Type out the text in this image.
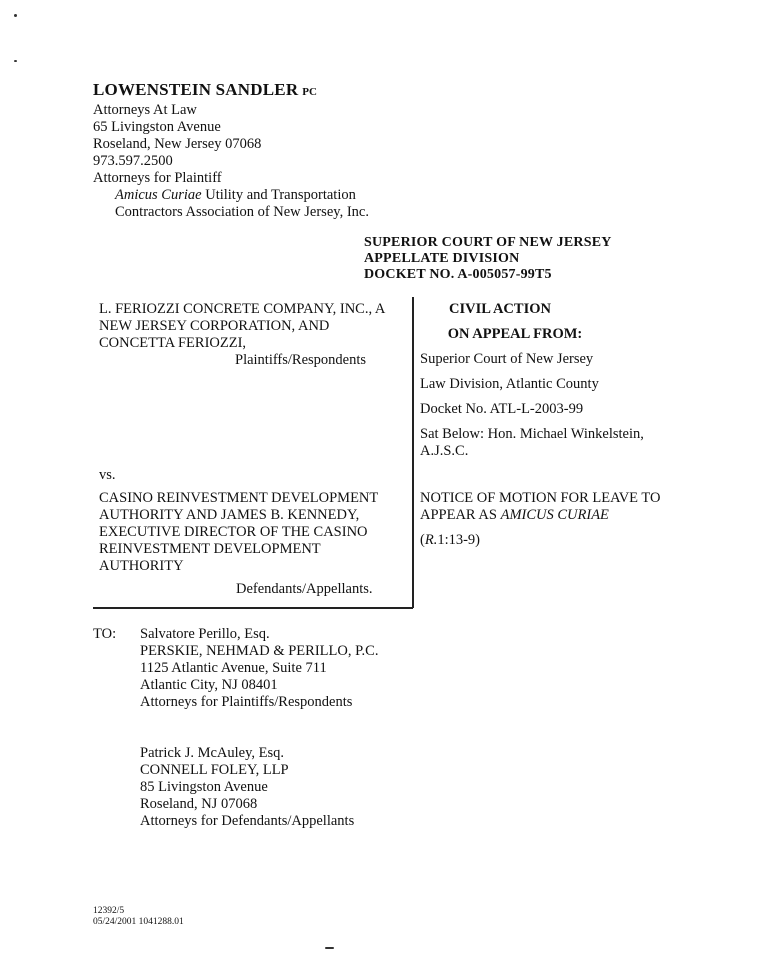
LOWENSTEIN SANDLER PC
Attorneys At Law
65 Livingston Avenue
Roseland, New Jersey 07068
973.597.2500
Attorneys for Plaintiff
Amicus Curiae Utility and Transportation
Contractors Association of New Jersey, Inc.
SUPERIOR COURT OF NEW JERSEY
APPELLATE DIVISION
DOCKET NO. A-005057-99T5
L. FERIOZZI CONCRETE COMPANY, INC., A
NEW JERSEY CORPORATION, AND
CONCETTA FERIOZZI,
Plaintiffs/Respondents
vs.
CASINO REINVESTMENT DEVELOPMENT
AUTHORITY AND JAMES B. KENNEDY,
EXECUTIVE DIRECTOR OF THE CASINO
REINVESTMENT DEVELOPMENT
AUTHORITY
Defendants/Appellants.
CIVIL ACTION
ON APPEAL FROM:
Superior Court of New Jersey
Law Division, Atlantic County
Docket No. ATL-L-2003-99
Sat Below: Hon. Michael Winkelstein,
A.J.S.C.
NOTICE OF MOTION FOR LEAVE TO
APPEAR AS AMICUS CURIAE
(R.1:13-9)
TO: Salvatore Perillo, Esq.
PERSKIE, NEHMAD & PERILLO, P.C.
1125 Atlantic Avenue, Suite 711
Atlantic City, NJ 08401
Attorneys for Plaintiffs/Respondents
Patrick J. McAuley, Esq.
CONNELL FOLEY, LLP
85 Livingston Avenue
Roseland, NJ 07068
Attorneys for Defendants/Appellants
12392/5
05/24/2001 1041288.01
